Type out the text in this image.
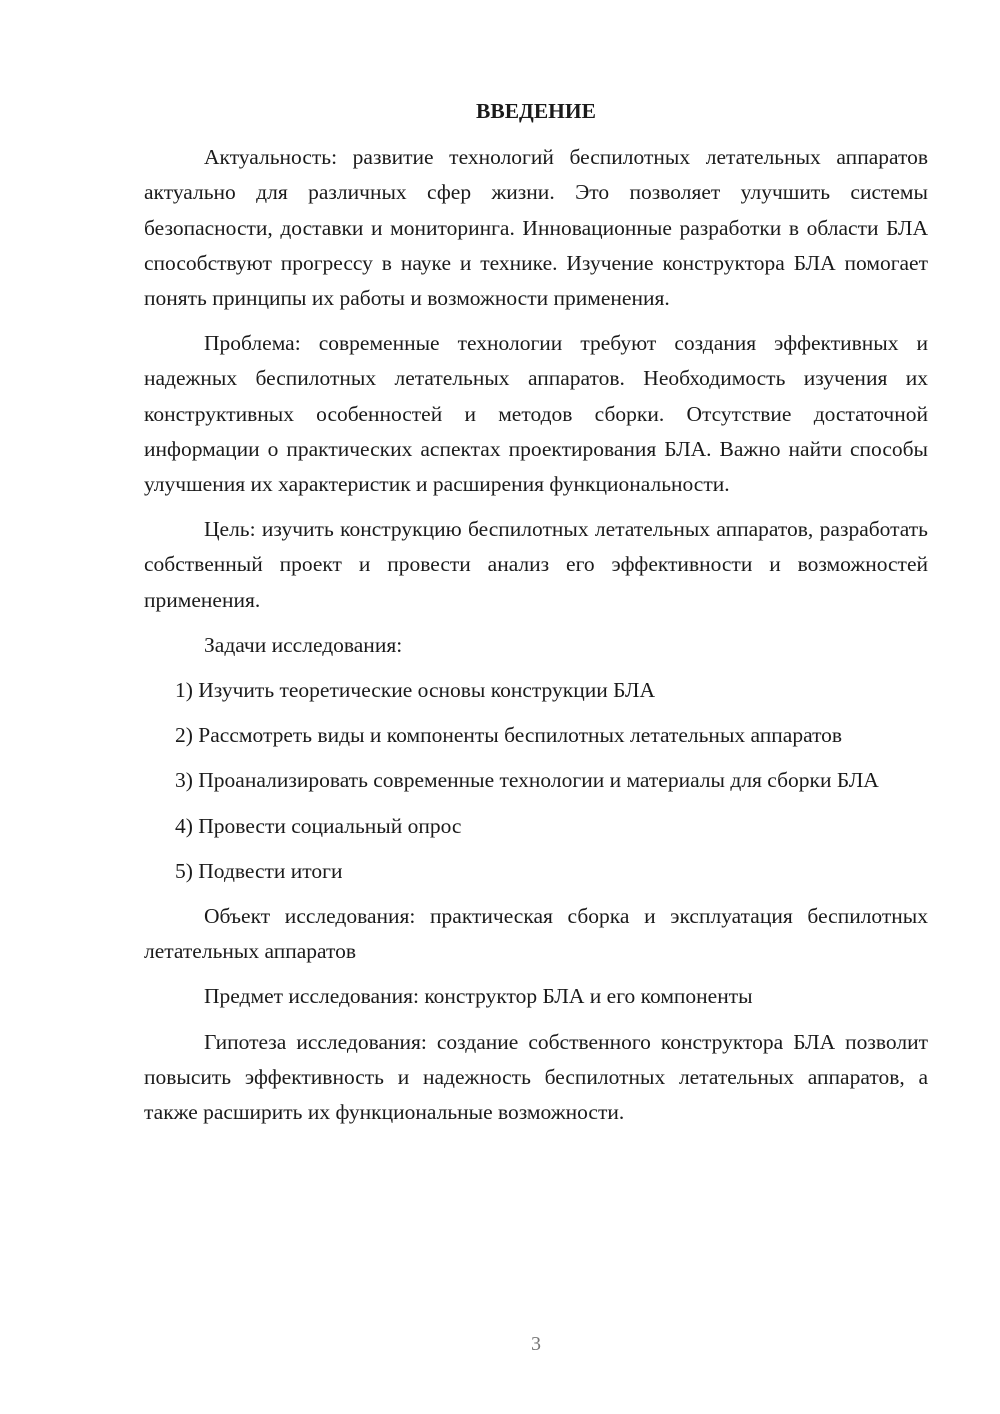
ВВЕДЕНИЕ

Актуальность: развитие технологий беспилотных летательных аппаратов актуально для различных сфер жизни. Это позволяет улучшить системы безопасности, доставки и мониторинга. Инновационные разработки в области БЛА способствуют прогрессу в науке и технике. Изучение конструктора БЛА помогает понять принципы их работы и возможности применения.

Проблема: современные технологии требуют создания эффективных и надежных беспилотных летательных аппаратов. Необходимость изучения их конструктивных особенностей и методов сборки. Отсутствие достаточной информации о практических аспектах проектирования БЛА. Важно найти способы улучшения их характеристик и расширения функциональности.

Цель: изучить конструкцию беспилотных летательных аппаратов, разработать собственный проект и провести анализ его эффективности и возможностей применения.

Задачи исследования:

1) Изучить теоретические основы конструкции БЛА

2) Рассмотреть виды и компоненты беспилотных летательных аппаратов

3) Проанализировать современные технологии и материалы для сборки БЛА

4) Провести социальный опрос

5) Подвести итоги

Объект исследования: практическая сборка и эксплуатация беспилотных летательных аппаратов

Предмет исследования: конструктор БЛА и его компоненты

Гипотеза исследования: создание собственного конструктора БЛА позволит повысить эффективность и надежность беспилотных летательных аппаратов, а также расширить их функциональные возможности.

3
